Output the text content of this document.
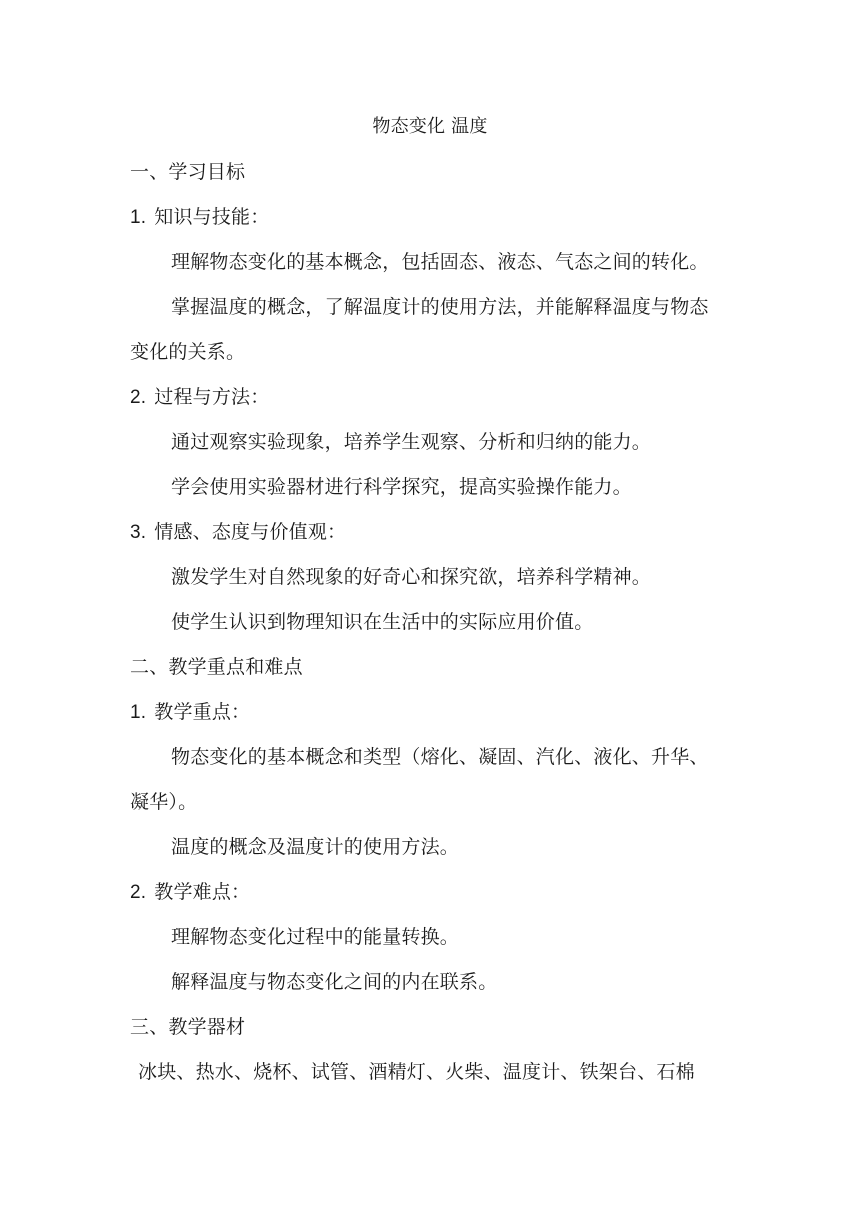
物态变化 温度
一、学习目标
1. 知识与技能：
理解物态变化的基本概念，包括固态、液态、气态之间的转化。
掌握温度的概念，了解温度计的使用方法，并能解释温度与物态
变化的关系。
2. 过程与方法：
通过观察实验现象，培养学生观察、分析和归纳的能力。
学会使用实验器材进行科学探究，提高实验操作能力。
3. 情感、态度与价值观：
激发学生对自然现象的好奇心和探究欲，培养科学精神。
使学生认识到物理知识在生活中的实际应用价值。
二、教学重点和难点
1. 教学重点：
物态变化的基本概念和类型（熔化、凝固、汽化、液化、升华、
凝华）。
温度的概念及温度计的使用方法。
2. 教学难点：
理解物态变化过程中的能量转换。
解释温度与物态变化之间的内在联系。
三、教学器材
冰块、热水、烧杯、试管、酒精灯、火柴、温度计、铁架台、石棉
